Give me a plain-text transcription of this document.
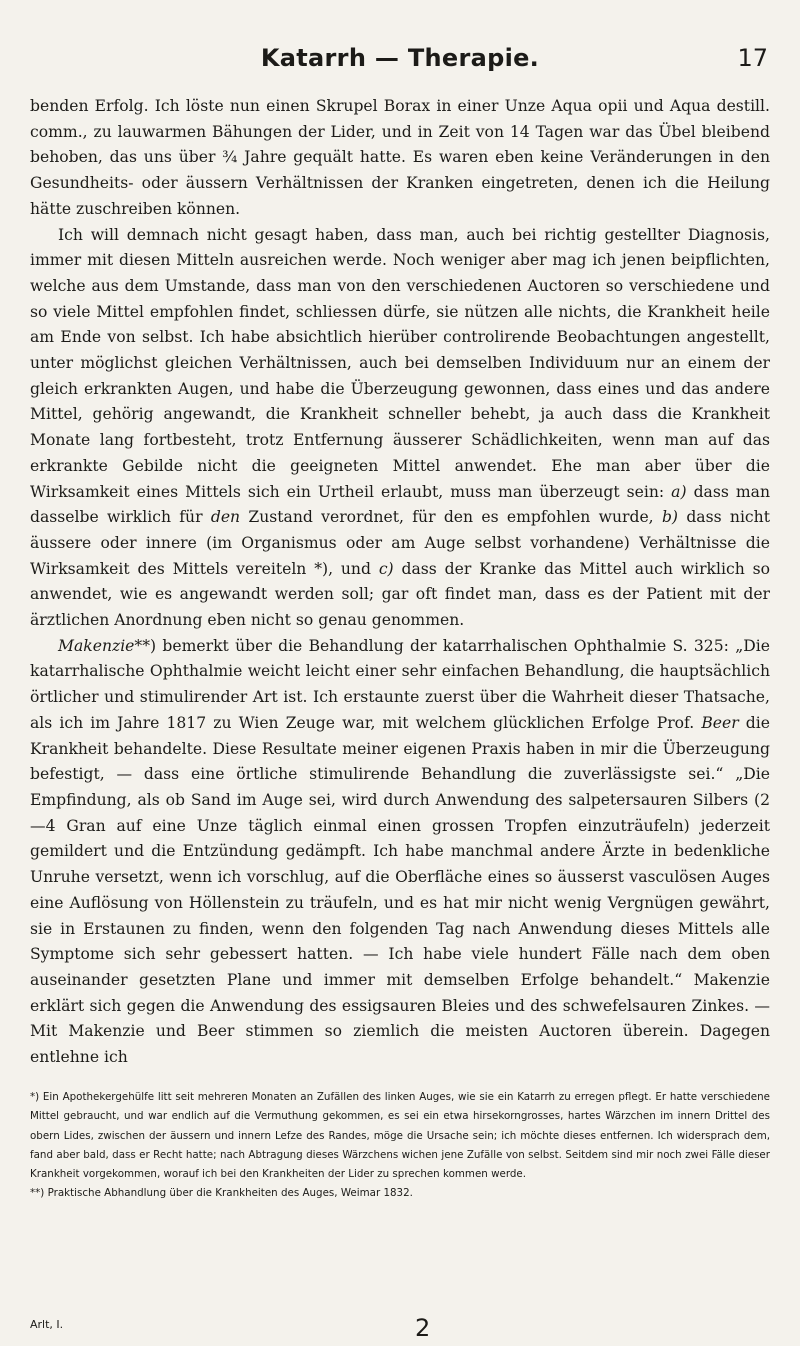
Katarrh — Therapie.	17

benden Erfolg. Ich löste nun einen Skrupel Borax in einer Unze Aqua opii und Aqua destill. comm., zu lauwarmen Bähungen der Lider, und in Zeit von 14 Tagen war das Übel bleibend behoben, das uns über ¾ Jahre gequält hatte. Es waren eben keine Veränderungen in den Gesundheits- oder äussern Verhältnissen der Kranken eingetreten, denen ich die Heilung hätte zuschreiben können.

Ich will demnach nicht gesagt haben, dass man, auch bei richtig gestellter Diagnosis, immer mit diesen Mitteln ausreichen werde. Noch weniger aber mag ich jenen beipflichten, welche aus dem Umstande, dass man von den verschiedenen Auctoren so verschiedene und so viele Mittel empfohlen findet, schliessen dürfe, sie nützen alle nichts, die Krankheit heile am Ende von selbst. Ich habe absichtlich hierüber controlirende Beobachtungen angestellt, unter möglichst gleichen Verhältnissen, auch bei demselben Individuum nur an einem der gleich erkrankten Augen, und habe die Überzeugung gewonnen, dass eines und das andere Mittel, gehörig angewandt, die Krankheit schneller behebt, ja auch dass die Krankheit Monate lang fortbesteht, trotz Entfernung äusserer Schädlichkeiten, wenn man auf das erkrankte Gebilde nicht die geeigneten Mittel anwendet. Ehe man aber über die Wirksamkeit eines Mittels sich ein Urtheil erlaubt, muss man überzeugt sein: a) dass man dasselbe wirklich für den Zustand verordnet, für den es empfohlen wurde, b) dass nicht äussere oder innere (im Organismus oder am Auge selbst vorhandene) Verhältnisse die Wirksamkeit des Mittels vereiteln *), und c) dass der Kranke das Mittel auch wirklich so anwendet, wie es angewandt werden soll; gar oft findet man, dass es der Patient mit der ärztlichen Anordnung eben nicht so genau genommen.

Makenzie**) bemerkt über die Behandlung der katarrhalischen Ophthalmie S. 325: „Die katarrhalische Ophthalmie weicht leicht einer sehr einfachen Behandlung, die hauptsächlich örtlicher und stimulirender Art ist. Ich erstaunte zuerst über die Wahrheit dieser Thatsache, als ich im Jahre 1817 zu Wien Zeuge war, mit welchem glücklichen Erfolge Prof. Beer die Krankheit behandelte. Diese Resultate meiner eigenen Praxis haben in mir die Überzeugung befestigt, — dass eine örtliche stimulirende Behandlung die zuverlässigste sei.“ „Die Empfindung, als ob Sand im Auge sei, wird durch Anwendung des salpetersauren Silbers (2—4 Gran auf eine Unze täglich einmal einen grossen Tropfen einzuträufeln) jederzeit gemildert und die Entzündung gedämpft. Ich habe manchmal andere Ärzte in bedenkliche Unruhe versetzt, wenn ich vorschlug, auf die Oberfläche eines so äusserst vasculösen Auges eine Auflösung von Höllenstein zu träufeln, und es hat mir nicht wenig Vergnügen gewährt, sie in Erstaunen zu finden, wenn den folgenden Tag nach Anwendung dieses Mittels alle Symptome sich sehr gebessert hatten. — Ich habe viele hundert Fälle nach dem oben auseinander gesetzten Plane und immer mit demselben Erfolge behandelt.“ Makenzie erklärt sich gegen die Anwendung des essigsauren Bleies und des schwefelsauren Zinkes. — Mit Makenzie und Beer stimmen so ziemlich die meisten Auctoren überein. Dagegen entlehne ich

*) Ein Apothekergehülfe litt seit mehreren Monaten an Zufällen des linken Auges, wie sie ein Katarrh zu erregen pflegt. Er hatte verschiedene Mittel gebraucht, und war endlich auf die Vermuthung gekommen, es sei ein etwa hirsekorngrosses, hartes Wärzchen im innern Drittel des obern Lides, zwischen der äussern und innern Lefze des Randes, möge die Ursache sein; ich möchte dieses entfernen. Ich widersprach dem, fand aber bald, dass er Recht hatte; nach Abtragung dieses Wärzchens wichen jene Zufälle von selbst. Seitdem sind mir noch zwei Fälle dieser Krankheit vorgekommen, worauf ich bei den Krankheiten der Lider zu sprechen kommen werde.

**) Praktische Abhandlung über die Krankheiten des Auges, Weimar 1832.

Arlt, I.	2
